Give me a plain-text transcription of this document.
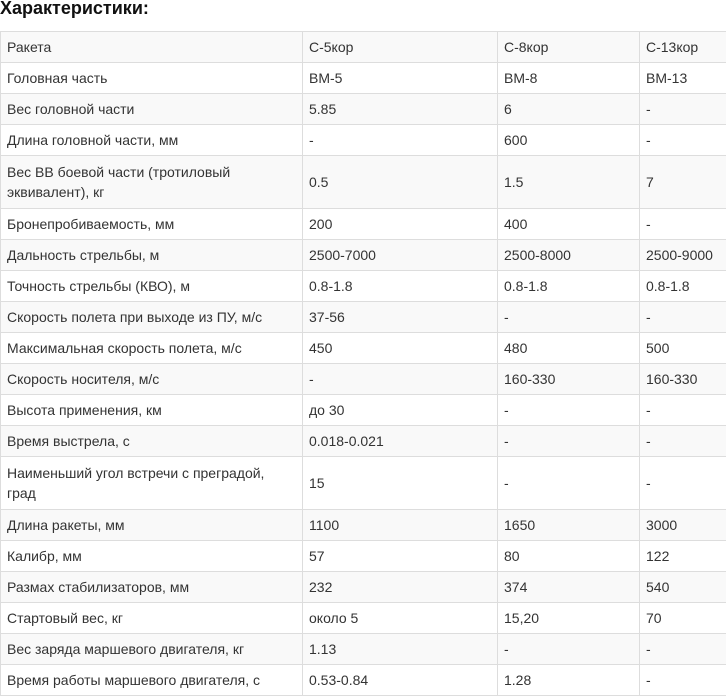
Характеристики:
Ракета	С-5кор	С-8кор	С-13кор
Головная часть	ВМ-5	ВМ-8	ВМ-13
Вес головной части	5.85	6	-
Длина головной части, мм	-	600	-
Вес ВВ боевой части (тротиловый эквивалент), кг	0.5	1.5	7
Бронепробиваемость, мм	200	400	-
Дальность стрельбы, м	2500-7000	2500-8000	2500-9000
Точность стрельбы (КВО), м	0.8-1.8	0.8-1.8	0.8-1.8
Скорость полета при выходе из ПУ, м/с	37-56	-	-
Максимальная скорость полета, м/с	450	480	500
Скорость носителя, м/с	-	160-330	160-330
Высота применения, км	до 30	-	-
Время выстрела, с	0.018-0.021	-	-
Наименьший угол встречи с преградой, град	15	-	-
Длина ракеты, мм	1100	1650	3000
Калибр, мм	57	80	122
Размах стабилизаторов, мм	232	374	540
Стартовый вес, кг	около 5	15,20	70
Вес заряда маршевого двигателя, кг	1.13	-	-
Время работы маршевого двигателя, с	0.53-0.84	1.28	-
